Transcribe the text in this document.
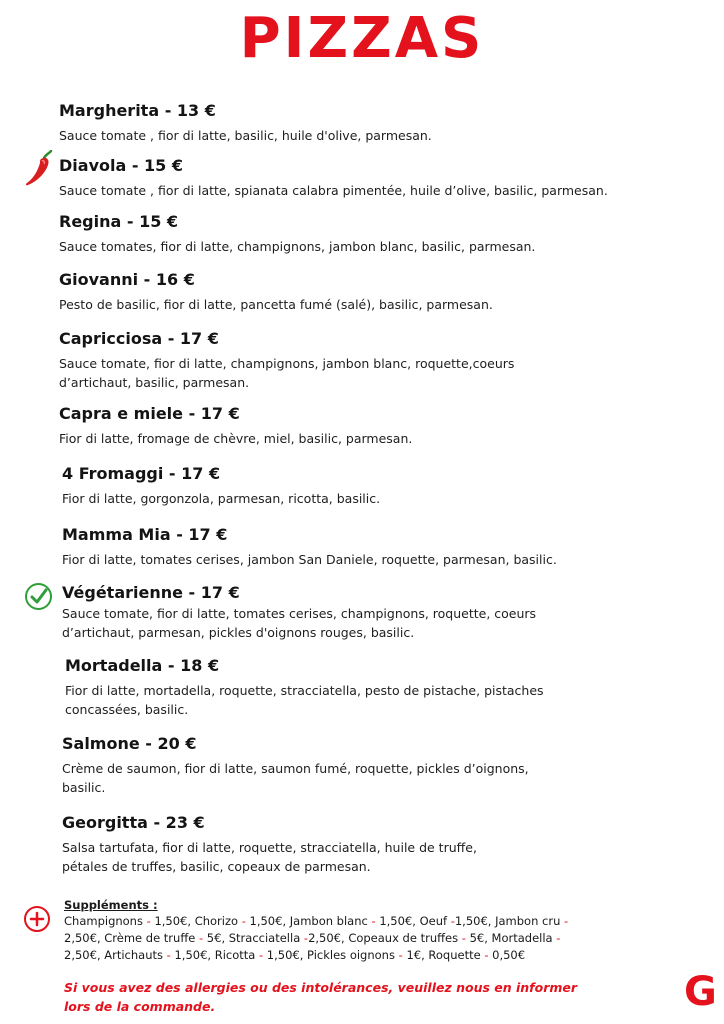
PIZZAS
Margherita - 13 €
Sauce tomate , fior di latte, basilic, huile d'olive, parmesan.
Diavola - 15 €
Sauce tomate , fior di latte, spianata calabra pimentée, huile d’olive, basilic, parmesan.
Regina - 15 €
Sauce tomates, fior di latte, champignons, jambon blanc, basilic, parmesan.
Giovanni - 16 €
Pesto de basilic, fior di latte, pancetta fumé (salé), basilic, parmesan.
Capricciosa - 17 €
Sauce tomate, fior di latte, champignons, jambon blanc, roquette,coeurs
d’artichaut, basilic, parmesan.
Capra e miele - 17 €
Fior di latte, fromage de chèvre, miel, basilic, parmesan.
4 Fromaggi - 17 €
Fior di latte, gorgonzola, parmesan, ricotta, basilic.
Mamma Mia - 17 €
Fior di latte, tomates cerises, jambon San Daniele, roquette, parmesan, basilic.
Végétarienne - 17 €
Sauce tomate, fior di latte, tomates cerises, champignons, roquette, coeurs
d’artichaut, parmesan, pickles d'oignons rouges, basilic.
Mortadella - 18 €
Fior di latte, mortadella, roquette, stracciatella, pesto de pistache, pistaches
concassées, basilic.
Salmone - 20 €
Crème de saumon, fior di latte, saumon fumé, roquette, pickles d’oignons,
basilic.
Georgitta - 23 €
Salsa tartufata, fior di latte, roquette, stracciatella, huile de truffe,
pétales de truffes, basilic, copeaux de parmesan.
Suppléments :
Champignons - 1,50€, Chorizo - 1,50€, Jambon blanc - 1,50€, Oeuf -1,50€, Jambon cru -
2,50€, Crème de truffe - 5€, Stracciatella -2,50€, Copeaux de truffes - 5€, Mortadella -
2,50€, Artichauts - 1,50€, Ricotta - 1,50€, Pickles oignons - 1€, Roquette - 0,50€
Si vous avez des allergies ou des intolérances, veuillez nous en informer
lors de la commande.	G
